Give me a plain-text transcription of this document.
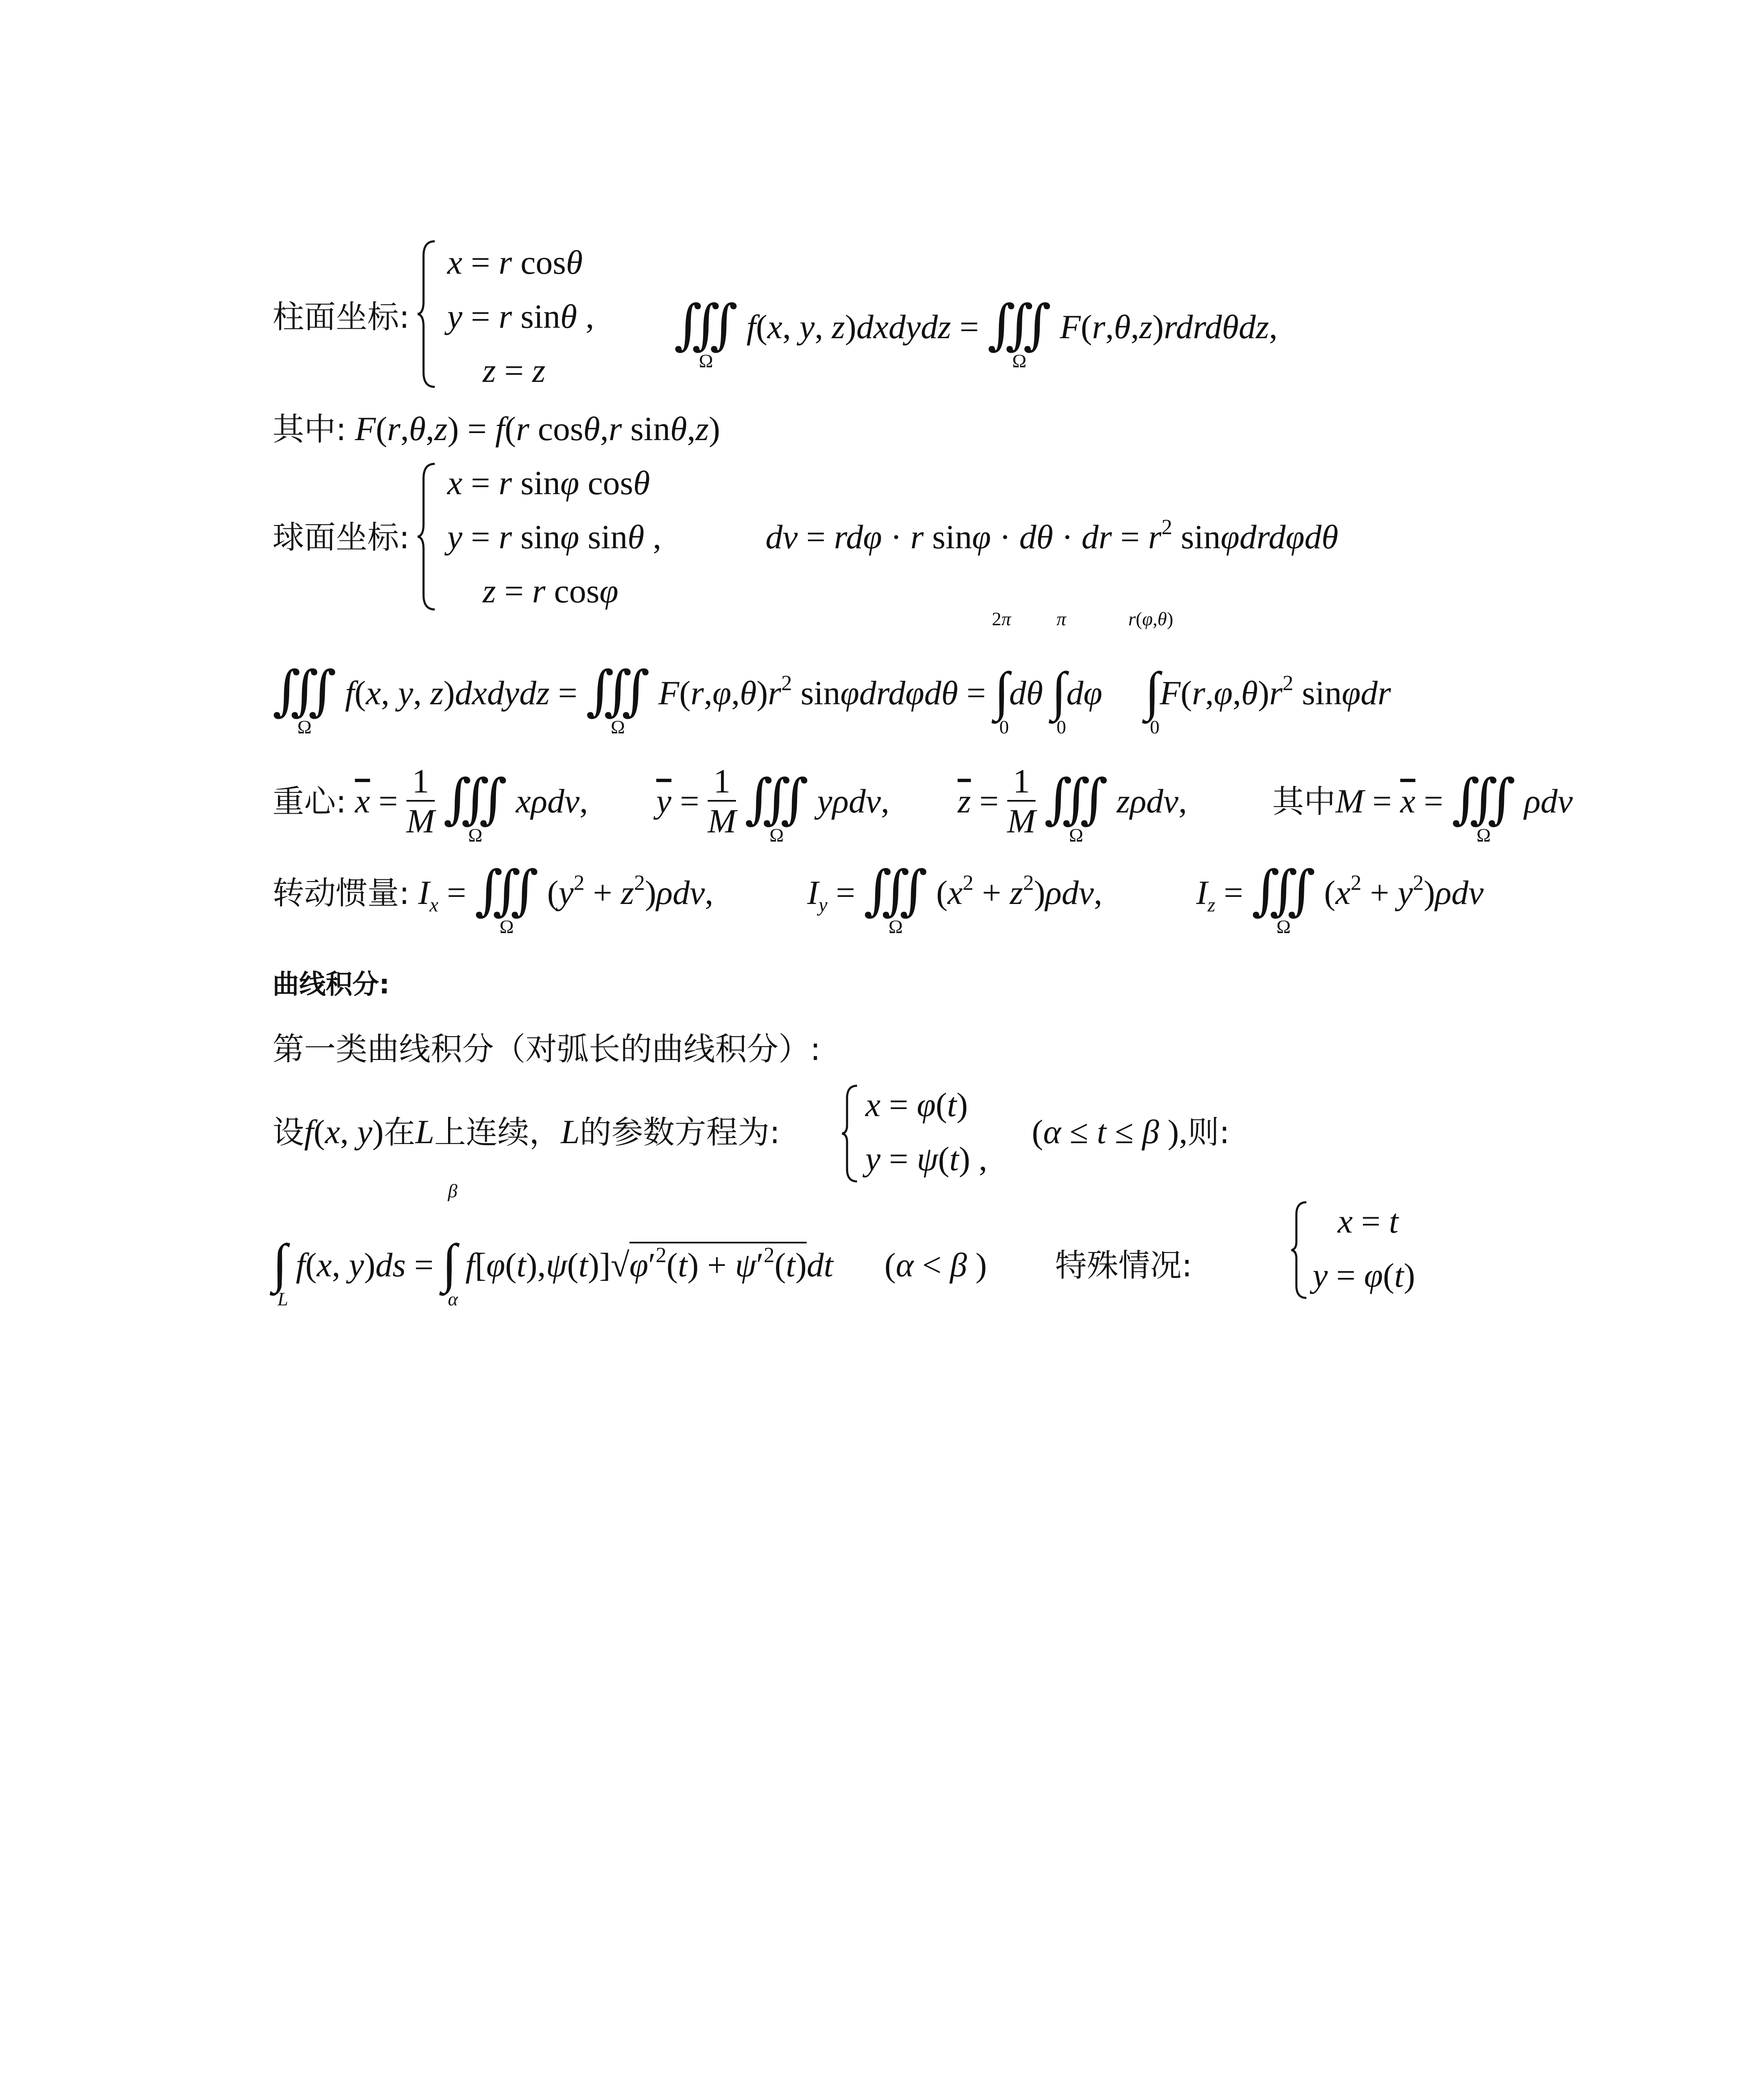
柱面坐标:
x = r cosθ
y = r sinθ ,
z = z
∭
Ω
f(x, y, z)dxdydz = ∭
Ω
F(r,θ,z)rdrdθdz,
其中: F(r,θ,z) = f(r cosθ,r sinθ,z)
球面坐标:
x = r sinφ cosθ
y = r sinφ sinθ ,
z = r cosφ
dv = rdφ · r sinφ · dθ · dr = $r^2$ sinφdrdφdθ
∭
Ω
f(x, y, z)dxdydz = ∭
Ω
$F(r,\varphi,\theta)r^2$ sinφdrdφdθ = ∫
2π
0
dθ ∫
π
0
dφ ∫
r(φ,θ)
0
$F(r,\varphi,\theta)r^2$ sinφdr
重心: $\overline{x} = \frac{1}{M}$ ∭
Ω
xρdv,        $\overline{y} = \frac{1}{M}$ ∭
Ω
yρdv,        $\overline{z} = \frac{1}{M}$ ∭
Ω
zρdv,          其中$M = \overline{x}$ = ∭
Ω
ρdv
转动惯量: $I_x$ = ∭
Ω
$(y^2 + z^2)\rho dv$,           $I_y$ = ∭
Ω
$(x^2 + z^2)\rho dv$,           $I_z$ = ∭
Ω
$(x^2 + y^2)\rho dv$
曲线积分:
第一类曲线积分（对弧长的曲线积分）:
设f(x, y)在L上连续，L的参数方程为:
x = φ(t)
y = ψ(t) ,
(α ≤ t ≤ β ),则:
∫
L
f(x, y)ds = ∫
β
α
$f[\varphi(t),\psi(t)]√\varphi'^2(t) + \psi'^2(t)dt$      (α < β )        特殊情况:
x = t
y = φ(t)
